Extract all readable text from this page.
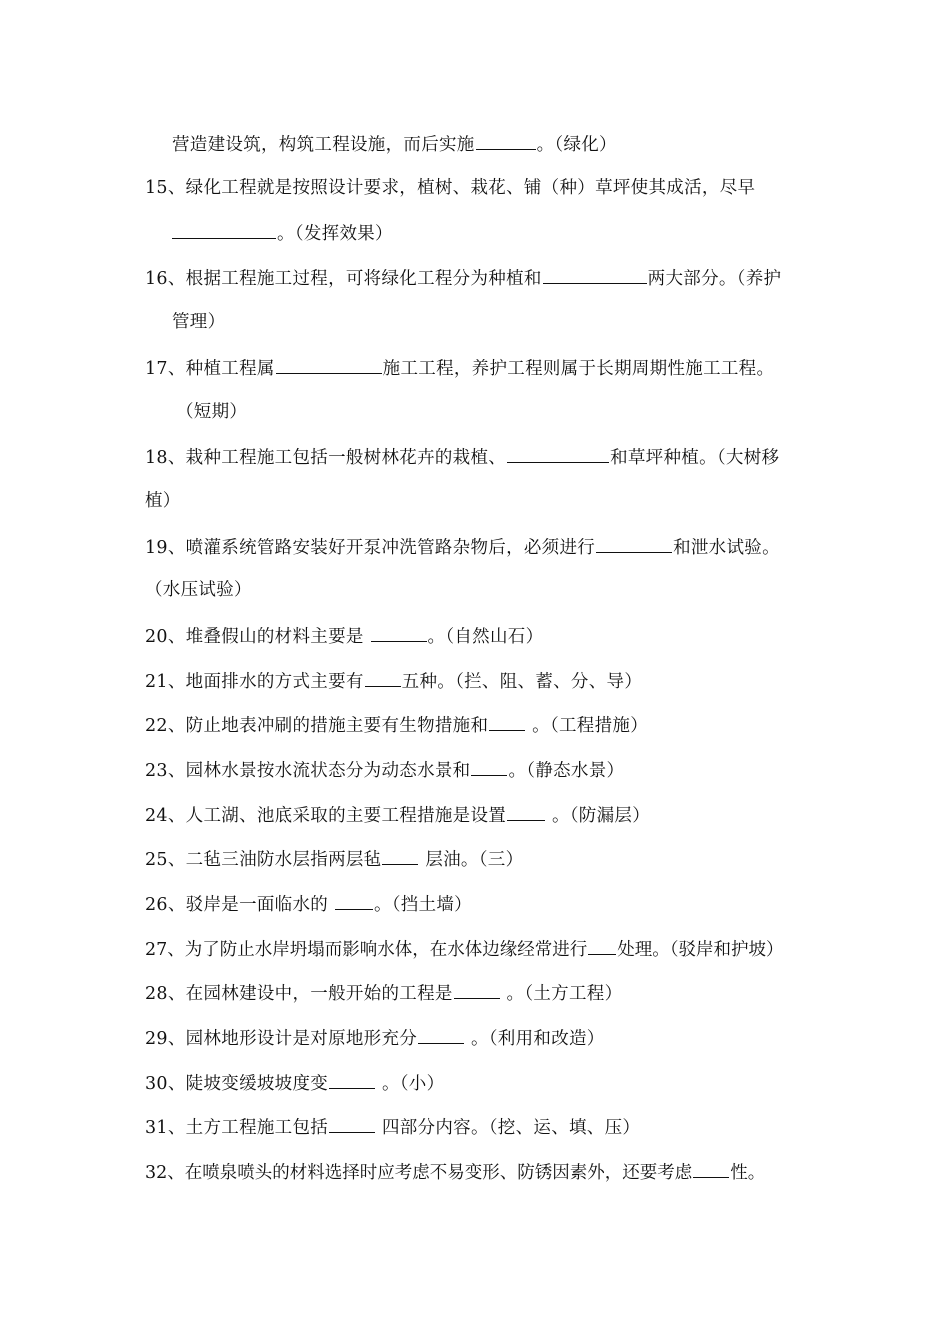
营造建设筑，构筑工程设施，而后实施	。（绿化）
15、绿化工程就是按照设计要求，植树、栽花、铺（种）草坪使其成活，尽早
。（发挥效果）
16、根据工程施工过程，可将绿化工程分为种植和	两大部分。（养护
管理）
17、种植工程属	施工工程，养护工程则属于长期周期性施工工程。
（短期）
18、栽种工程施工包括一般树林花卉的栽植、	和草坪种植。（大树移
植）
19、喷灌系统管路安装好开泵冲洗管路杂物后，必须进行	和泄水试验。
（水压试验）
20、堆叠假山的材料主要是	。（自然山石）
21、地面排水的方式主要有 五种。（拦、阻、蓄、分、导）
22、防止地表冲刷的措施主要有生物措施和 。（工程措施）
23、园林水景按水流状态分为动态水景和 。（静态水景）
24、人工湖、池底采取的主要工程措施是设置 。（防漏层）
25、二毡三油防水层指两层毡 层油。（三）
26、驳岸是一面临水的 。（挡土墙）
27、为了防止水岸坍塌而影响水体，在水体边缘经常进行 处理。（驳岸和护坡）
28、在园林建设中，一般开始的工程是	。（土方工程）
29、园林地形设计是对原地形充分	。（利用和改造）
30、陡坡变缓坡坡度变	。（小）
31、土方工程施工包括	四部分内容。（挖、运、填、压）
32、在喷泉喷头的材料选择时应考虑不易变形、防锈因素外，还要考虑 性。
